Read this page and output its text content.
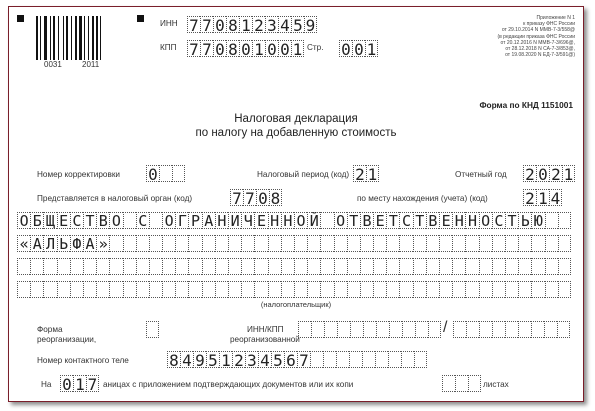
0031	2011
ИНН 7 7 0 8 1 2 3 4 5 9
КПП 7 7 0 8 0 1 0 0 1 Стр. 0 0 1
Приложение N 1
к приказу ФНС России
от 29.10.2014 N ММВ-7-3/558@
(в редакции приказа ФНС России
от 20.12.2016 N ММВ-7-3/696@,
от 28.12.2018 N СА-7-3/853@,
от 19.08.2020 N ЕД-7-3/591@)
Форма по КНД 1151001
Налоговая декларация
по налогу на добавленную стоимость
Номер корректировки 0	Налоговый период (код) 2 1	Отчетный год 2 0 2 1
Представляется в налоговый орган (код)	7 7 0 8	по месту нахождения (учета) (код) 2 1 4
О Б Щ Е С Т В О С О Г Р А Н И Ч Е Н Н О Й О Т В Е Т С Т В Е Н Н О С Т Ь Ю
« А Л Ь Ф А »
(налогоплательщик)
Форма
реорганизации,
ИНН/КПП
реорганизованной
/
Номер контактного теле	8 4 9 5 1 2 3 4 5 6 7
На 0 1 7 аницах с приложением подтверждающих документов или их копи	листах
